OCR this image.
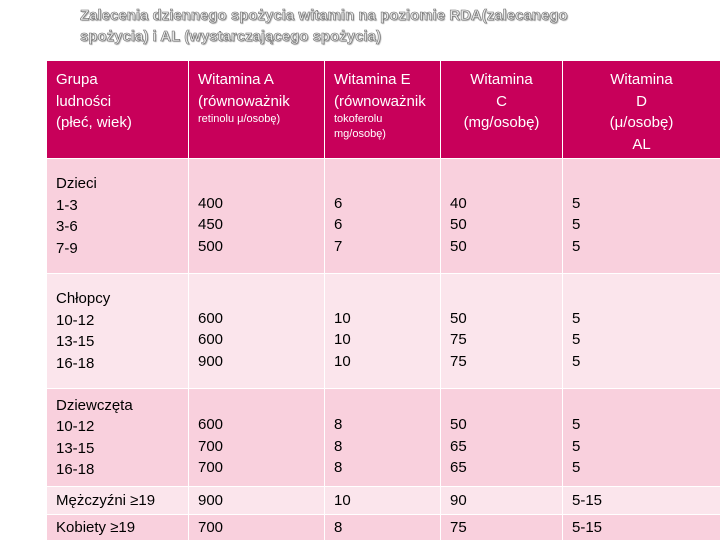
Zalecenia dziennego spożycia witamin na poziomie RDA(zalecanego
spożycia) i AL (wystarczającego spożycia)
Grupa
ludności
(płeć, wiek)	Witamina A
(równoważnik
retinolu μ/osobę)	Witamina E
(równoważnik
tokoferolu
mg/osobę)	Witamina
C
(mg/osobę)	Witamina
D
(μ/osobę)
AL

Dzieci
1-3
3-6
7-9	400
450
500	6
6
7	40
50
50	5
5
5

Chłopcy
10-12
13-15
16-18	600
600
900	10
10
10	50
75
75	5
5
5

Dziewczęta
10-12
13-15
16-18	600
700
700	8
8
8	50
65
65	5
5
5

Mężczyźni ≥19	900	10	90	5-15

Kobiety ≥19	700	8	75	5-15
